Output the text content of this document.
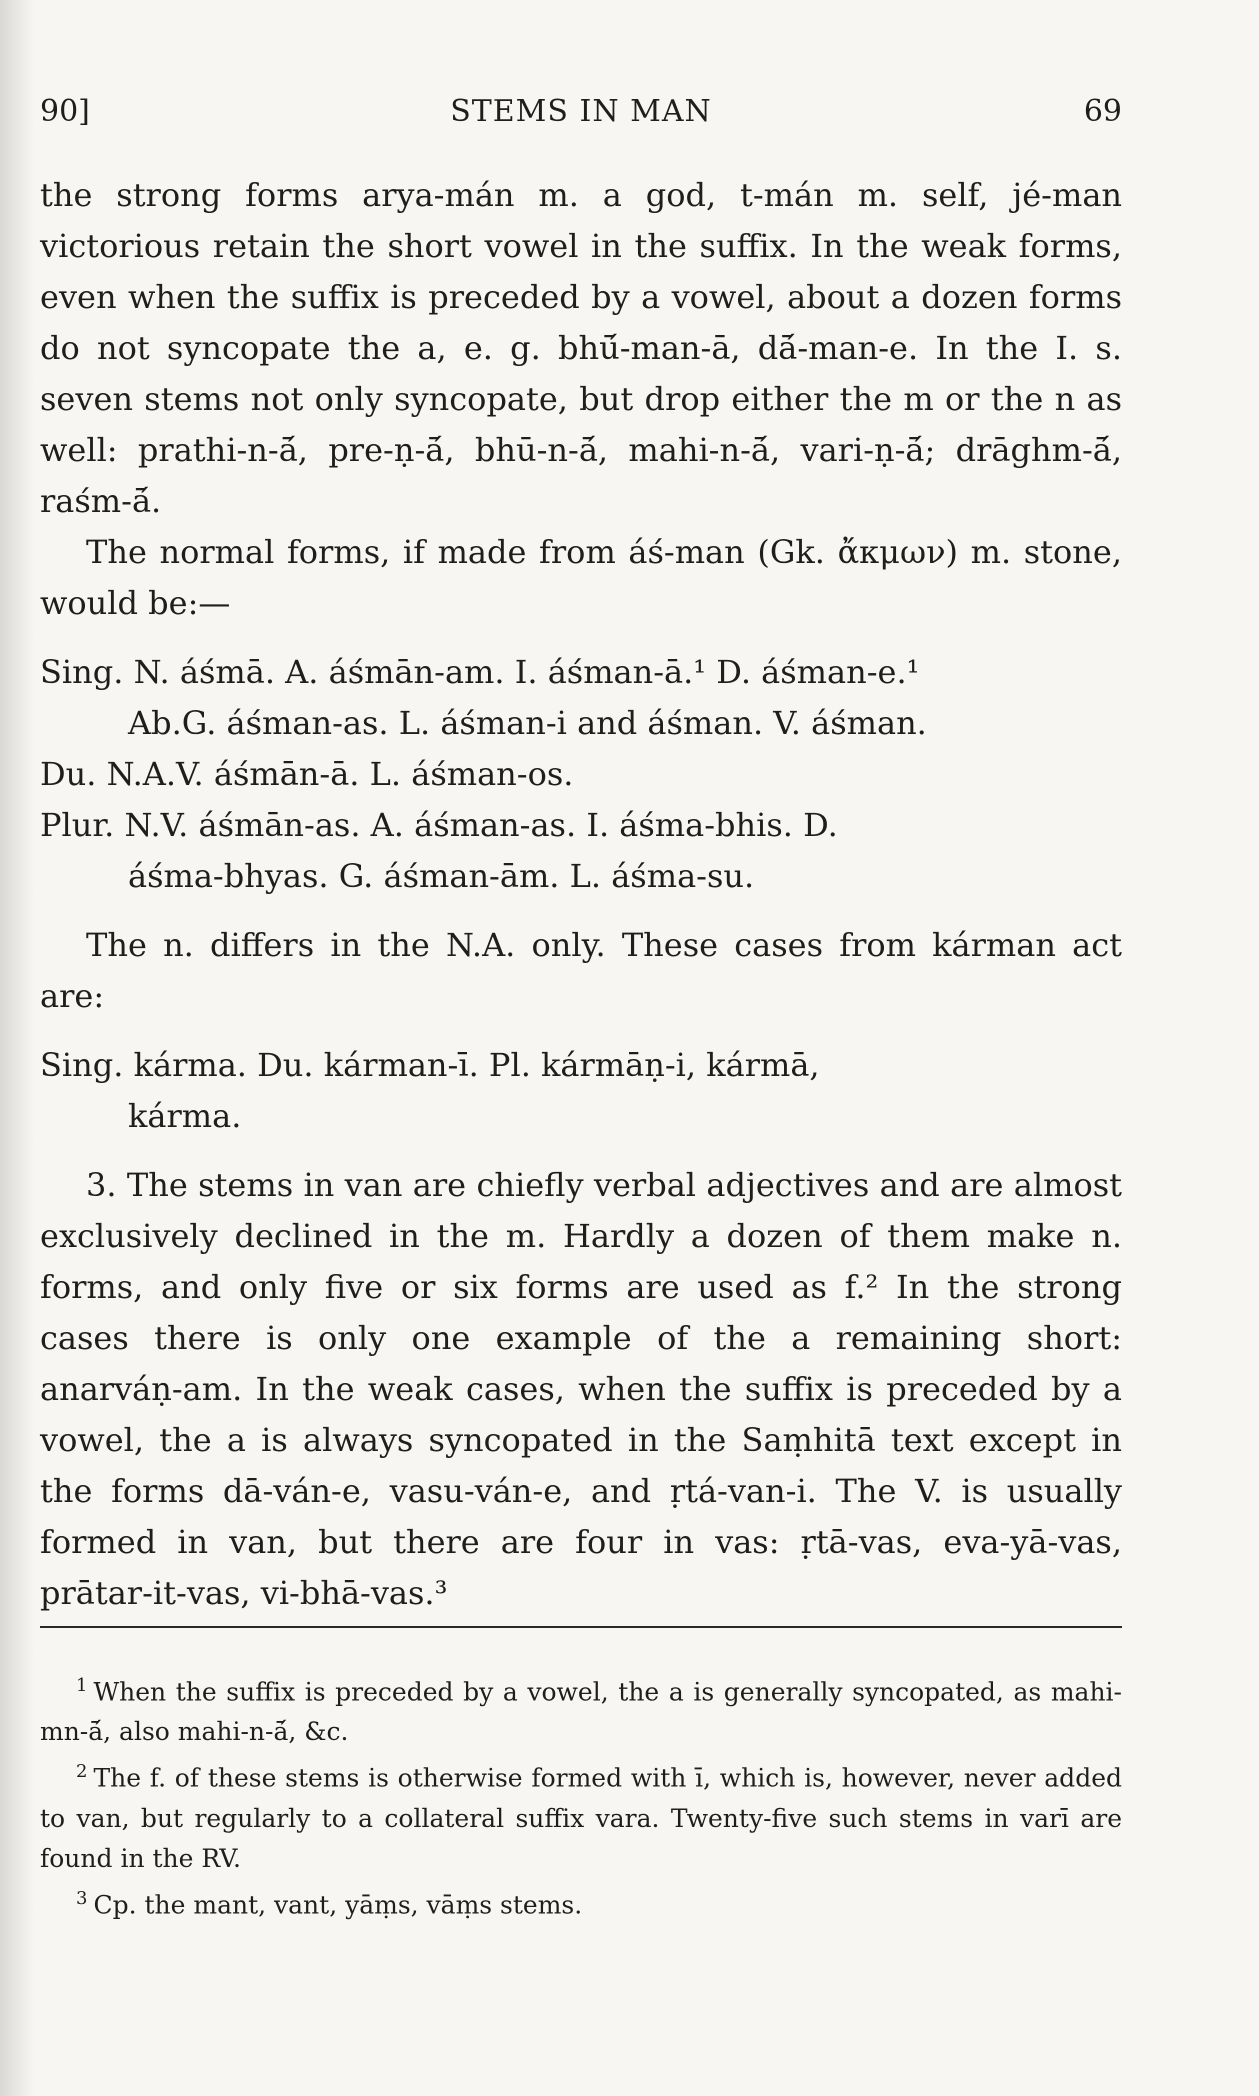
90]	STEMS IN MAN	69

the strong forms arya-mán m. a god, t-mán m. self, jé-man victorious retain the short vowel in the suffix. In the weak forms, even when the suffix is preceded by a vowel, about a dozen forms do not syncopate the a, e. g. bhū́-man-ā, dā́-man-e. In the I. s. seven stems not only syncopate, but drop either the m or the n as well: prathi-n-ā́, pre-ṇ-ā́, bhū-n-ā́, mahi-n-ā́, vari-ṇ-ā́; drāghm-ā́, raśm-ā́.

The normal forms, if made from áś-man (Gk. ἄκμων) m. stone, would be:—

Sing. N. áśmā. A. áśmān-am. I. áśman-ā.¹ D. áśman-e.¹

Ab.G. áśman-as. L. áśman-i and áśman. V. áśman.

Du. N.A.V. áśmān-ā. L. áśman-os.

Plur. N.V. áśmān-as. A. áśman-as. I. áśma-bhis. D.

áśma-bhyas. G. áśman-ām. L. áśma-su.

The n. differs in the N.A. only. These cases from kárman act are:

Sing. kárma. Du. kárman-ī. Pl. kármāṇ-i, kármā,

kárma.

3. The stems in van are chiefly verbal adjectives and are almost exclusively declined in the m. Hardly a dozen of them make n. forms, and only five or six forms are used as f.² In the strong cases there is only one example of the a remaining short: anarváṇ-am. In the weak cases, when the suffix is preceded by a vowel, the a is always syncopated in the Saṃhitā text except in the forms dā-ván-e, vasu-ván-e, and ṛtá-van-i. The V. is usually formed in van, but there are four in vas: ṛtā-vas, eva-yā-vas, prātar-it-vas, vi-bhā-vas.³

$^1$ When the suffix is preceded by a vowel, the a is generally syncopated, as mahi-mn-ā́, also mahi-n-ā́, &c.

$^2$ The f. of these stems is otherwise formed with ī, which is, however, never added to van, but regularly to a collateral suffix vara. Twenty-five such stems in varī are found in the RV.

$^3$ Cp. the mant, vant, yāṃs, vāṃs stems.
